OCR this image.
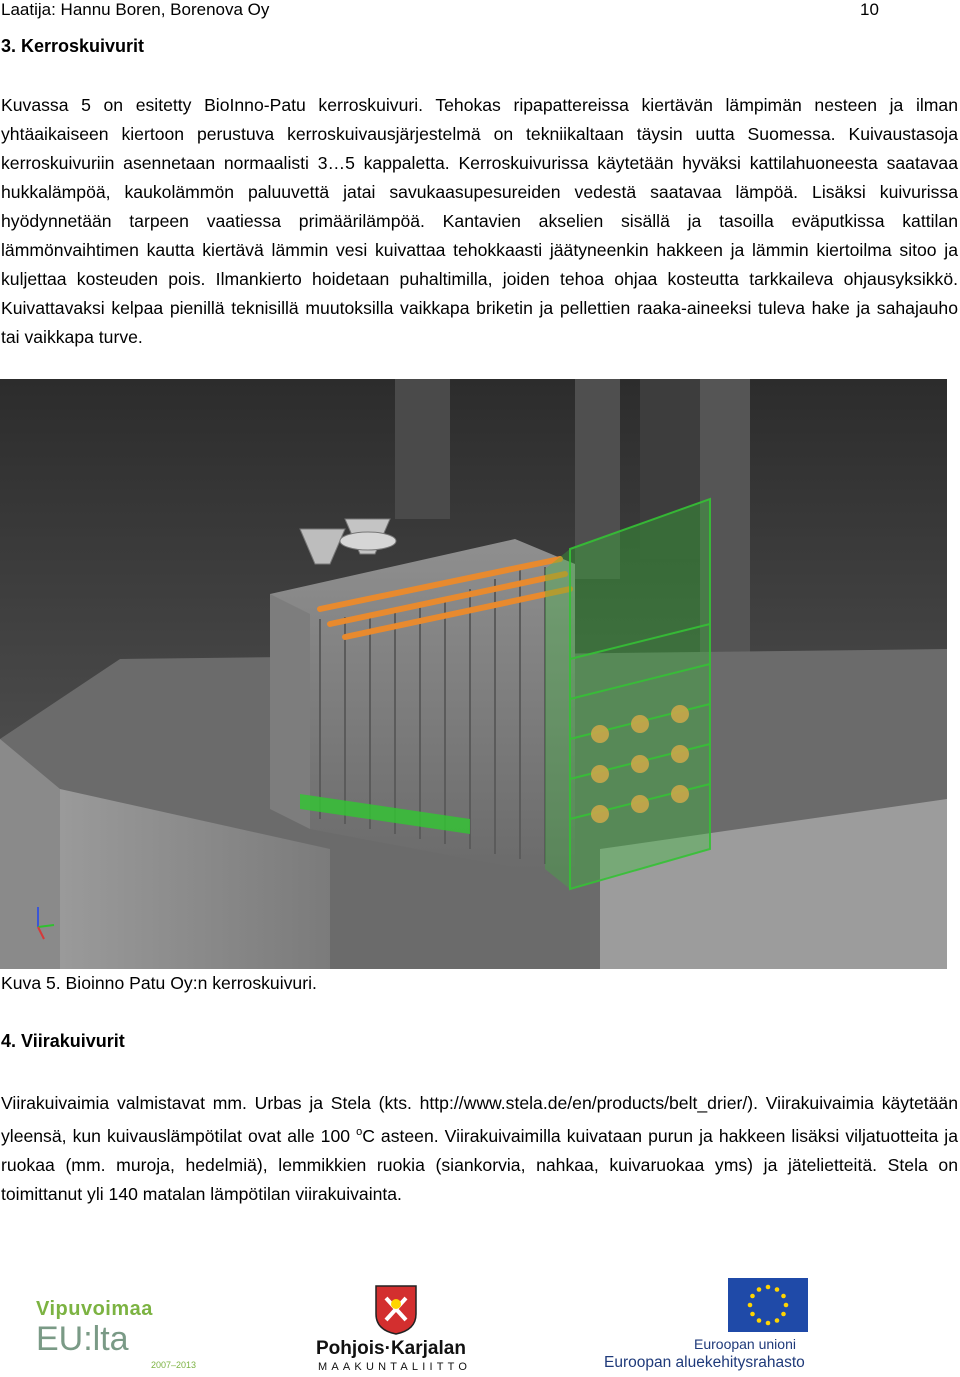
Laatija: Hannu Boren, Borenova Oy	10
3. Kerroskuivurit

Kuvassa 5 on esitetty BioInno-Patu kerroskuivuri. Tehokas ripapattereissa kiertävän lämpimän nesteen ja ilman yhtäaikaiseen kiertoon perustuva kerroskuivausjärjestelmä on tekniikaltaan täysin uutta Suomessa. Kuivaustasoja kerroskuivuriin asennetaan normaalisti 3…5 kappaletta. Kerroskuivurissa käytetään hyväksi kattilahuoneesta saatavaa hukkalämpöä, kaukolämmön paluuvettä jatai savukaasupesureiden vedestä saatavaa lämpöä. Lisäksi kuivurissa hyödynnetään tarpeen vaatiessa primäärilämpöä. Kantavien akselien sisällä ja tasoilla eväputkissa kattilan lämmönvaihtimen kautta kiertävä lämmin vesi kuivattaa tehokkaasti jäätyneenkin hakkeen ja lämmin kiertoilma sitoo ja kuljettaa kosteuden pois. Ilmankierto hoidetaan puhaltimilla, joiden tehoa ohjaa kosteutta tarkkaileva ohjausyksikkö. Kuivattavaksi kelpaa pienillä teknisillä muutoksilla vaikkapa briketin ja pellettien raaka-aineeksi tuleva hake ja sahajauho tai vaikkapa turve.

Kuva 5. Bioinno Patu Oy:n kerroskuivuri.
4. Viirakuivurit

Viirakuivaimia valmistavat mm. Urbas ja Stela (kts. http://www.stela.de/en/products/belt_drier/). Viirakuivaimia käytetään yleensä, kun kuivauslämpötilat ovat alle 100 $^o$C asteen. Viirakuivaimilla kuivataan purun ja hakkeen lisäksi viljatuotteita ja ruokaa (mm. muroja, hedelmiä), lemmikkien ruokia (siankorvia, nahkaa, kuivaruokaa yms) ja jätelietteitä. Stela on toimittanut yli 140 matalan lämpötilan viirakuivainta.

Vipuvoimaa
EU:lta
2007–2013
Pohjois·Karjalan
MAAKUNTALIITTO
Euroopan unioni
Euroopan aluekehitysrahasto
